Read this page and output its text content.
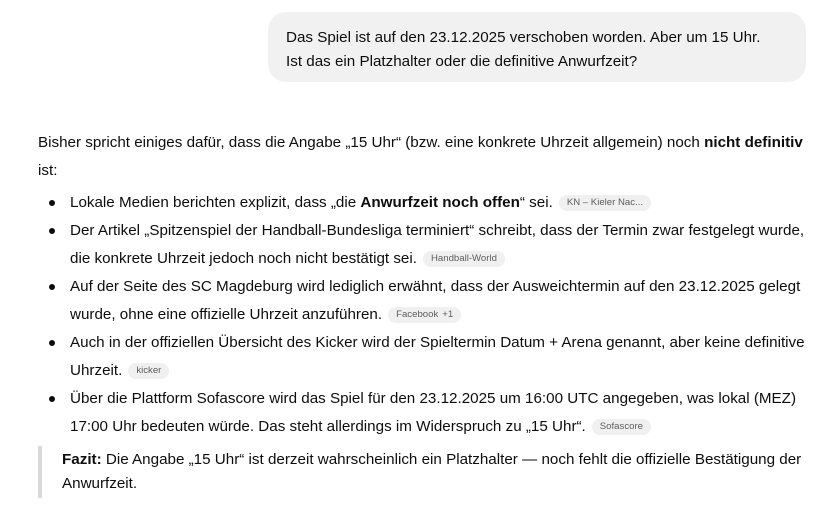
Das Spiel ist auf den 23.12.2025 verschoben worden. Aber um 15 Uhr.
Ist das ein Platzhalter oder die definitive Anwurfzeit?

Bisher spricht einiges dafür, dass die Angabe „15 Uhr“ (bzw. eine konkrete Uhrzeit allgemein) noch nicht definitiv ist:

Lokale Medien berichten explizit, dass „die Anwurfzeit noch offen“ sei. KN – Kieler Nac...
Der Artikel „Spitzenspiel der Handball-Bundesliga terminiert“ schreibt, dass der Termin zwar festgelegt wurde, die konkrete Uhrzeit jedoch noch nicht bestätigt sei. Handball-World
Auf der Seite des SC Magdeburg wird lediglich erwähnt, dass der Ausweichtermin auf den 23.12.2025 gelegt wurde, ohne eine offizielle Uhrzeit anzuführen. Facebook +1
Auch in der offiziellen Übersicht des Kicker wird der Spieltermin Datum + Arena genannt, aber keine definitive Uhrzeit. kicker
Über die Plattform Sofascore wird das Spiel für den 23.12.2025 um 16:00 UTC angegeben, was lokal (MEZ) 17:00 Uhr bedeuten würde. Das steht allerdings im Widerspruch zu „15 Uhr“. Sofascore
Fazit: Die Angabe „15 Uhr“ ist derzeit wahrscheinlich ein Platzhalter — noch fehlt die offizielle Bestätigung der Anwurfzeit.
